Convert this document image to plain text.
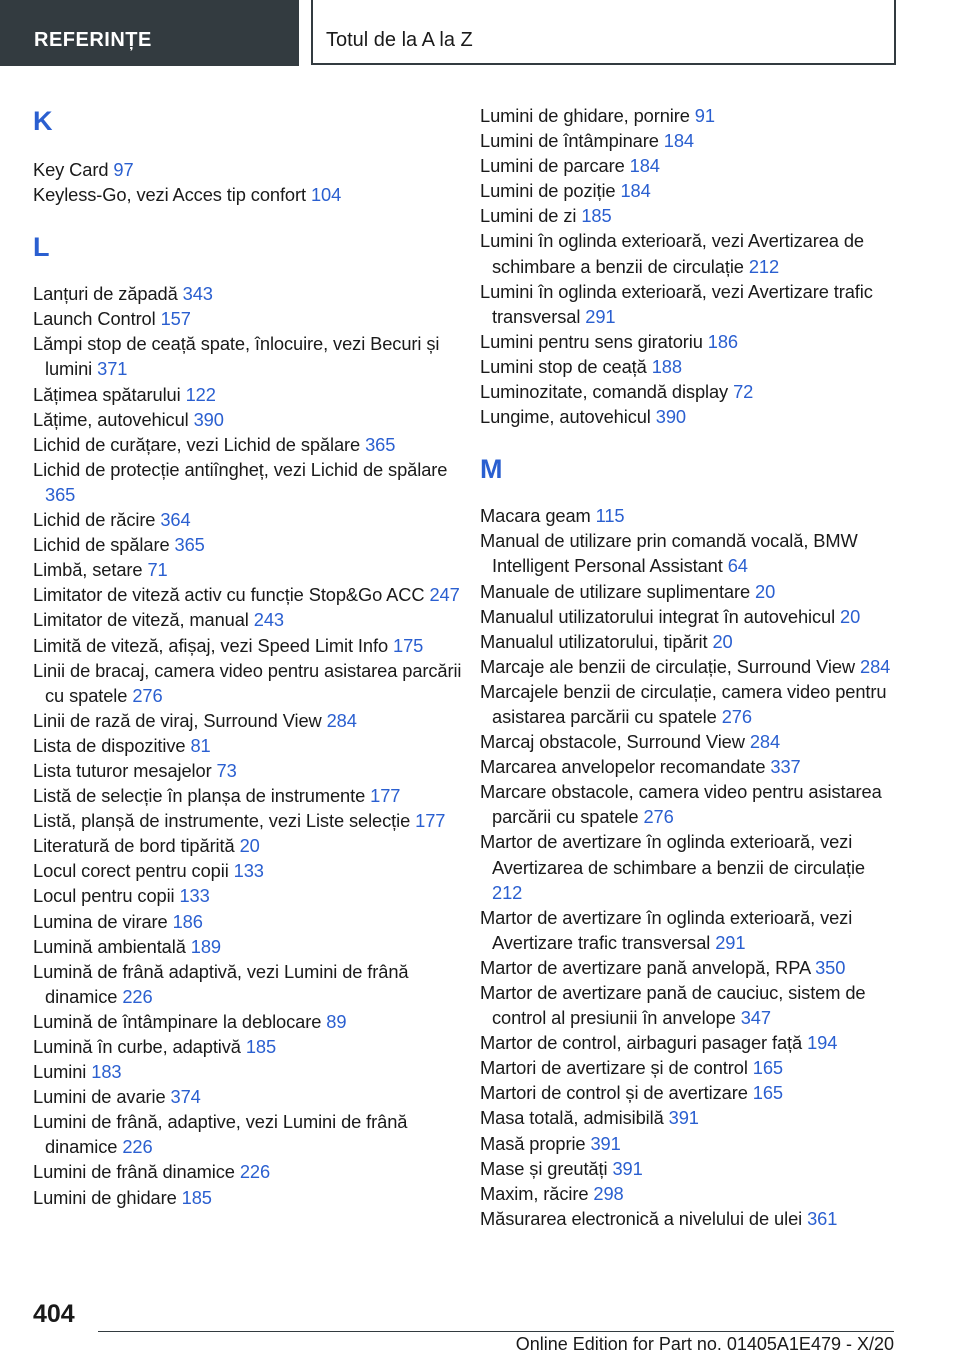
REFERINȚE	Totul de la A la Z
K
Key Card 97
Keyless-Go, vezi Acces tip confort 104
L
Lanțuri de zăpadă 343
Launch Control 157
Lămpi stop de ceață spate, înlocuire, vezi Becuri și lumini 371
Lățimea spătarului 122
Lățime, autovehicul 390
Lichid de curățare, vezi Lichid de spălare 365
Lichid de protecție antiîngheț, vezi Lichid de spălare 365
Lichid de răcire 364
Lichid de spălare 365
Limbă, setare 71
Limitator de viteză activ cu funcție Stop&Go ACC 247
Limitator de viteză, manual 243
Limită de viteză, afișaj, vezi Speed Limit Info 175
Linii de bracaj, camera video pentru asistarea parcării cu spatele 276
Linii de rază de viraj, Surround View 284
Lista de dispozitive 81
Lista tuturor mesajelor 73
Listă de selecție în planșa de instrumente 177
Listă, planșă de instrumente, vezi Liste selecție 177
Literatură de bord tipărită 20
Locul corect pentru copii 133
Locul pentru copii 133
Lumina de virare 186
Lumină ambientală 189
Lumină de frână adaptivă, vezi Lumini de frână dinamice 226
Lumină de întâmpinare la deblocare 89
Lumină în curbe, adaptivă 185
Lumini 183
Lumini de avarie 374
Lumini de frână, adaptive, vezi Lumini de frână dinamice 226
Lumini de frână dinamice 226
Lumini de ghidare 185
Lumini de ghidare, pornire 91
Lumini de întâmpinare 184
Lumini de parcare 184
Lumini de poziție 184
Lumini de zi 185
Lumini în oglinda exterioară, vezi Avertizarea de schimbare a benzii de circulație 212
Lumini în oglinda exterioară, vezi Avertizare trafic transversal 291
Lumini pentru sens giratoriu 186
Lumini stop de ceață 188
Luminozitate, comandă display 72
Lungime, autovehicul 390
M
Macara geam 115
Manual de utilizare prin comandă vocală, BMW Intelligent Personal Assistant 64
Manuale de utilizare suplimentare 20
Manualul utilizatorului integrat în autovehicul 20
Manualul utilizatorului, tipărit 20
Marcaje ale benzii de circulație, Surround View 284
Marcajele benzii de circulație, camera video pentru asistarea parcării cu spatele 276
Marcaj obstacole, Surround View 284
Marcarea anvelopelor recomandate 337
Marcare obstacole, camera video pentru asistarea parcării cu spatele 276
Martor de avertizare în oglinda exterioară, vezi Avertizarea de schimbare a benzii de circulație 212
Martor de avertizare în oglinda exterioară, vezi Avertizare trafic transversal 291
Martor de avertizare pană anvelopă, RPA 350
Martor de avertizare pană de cauciuc, sistem de control al presiunii în anvelope 347
Martor de control, airbaguri pasager față 194
Martori de avertizare și de control 165
Martori de control și de avertizare 165
Masa totală, admisibilă 391
Masă proprie 391
Mase și greutăți 391
Maxim, răcire 298
Măsurarea electronică a nivelului de ulei 361
404
Online Edition for Part no. 01405A1E479 - X/20
